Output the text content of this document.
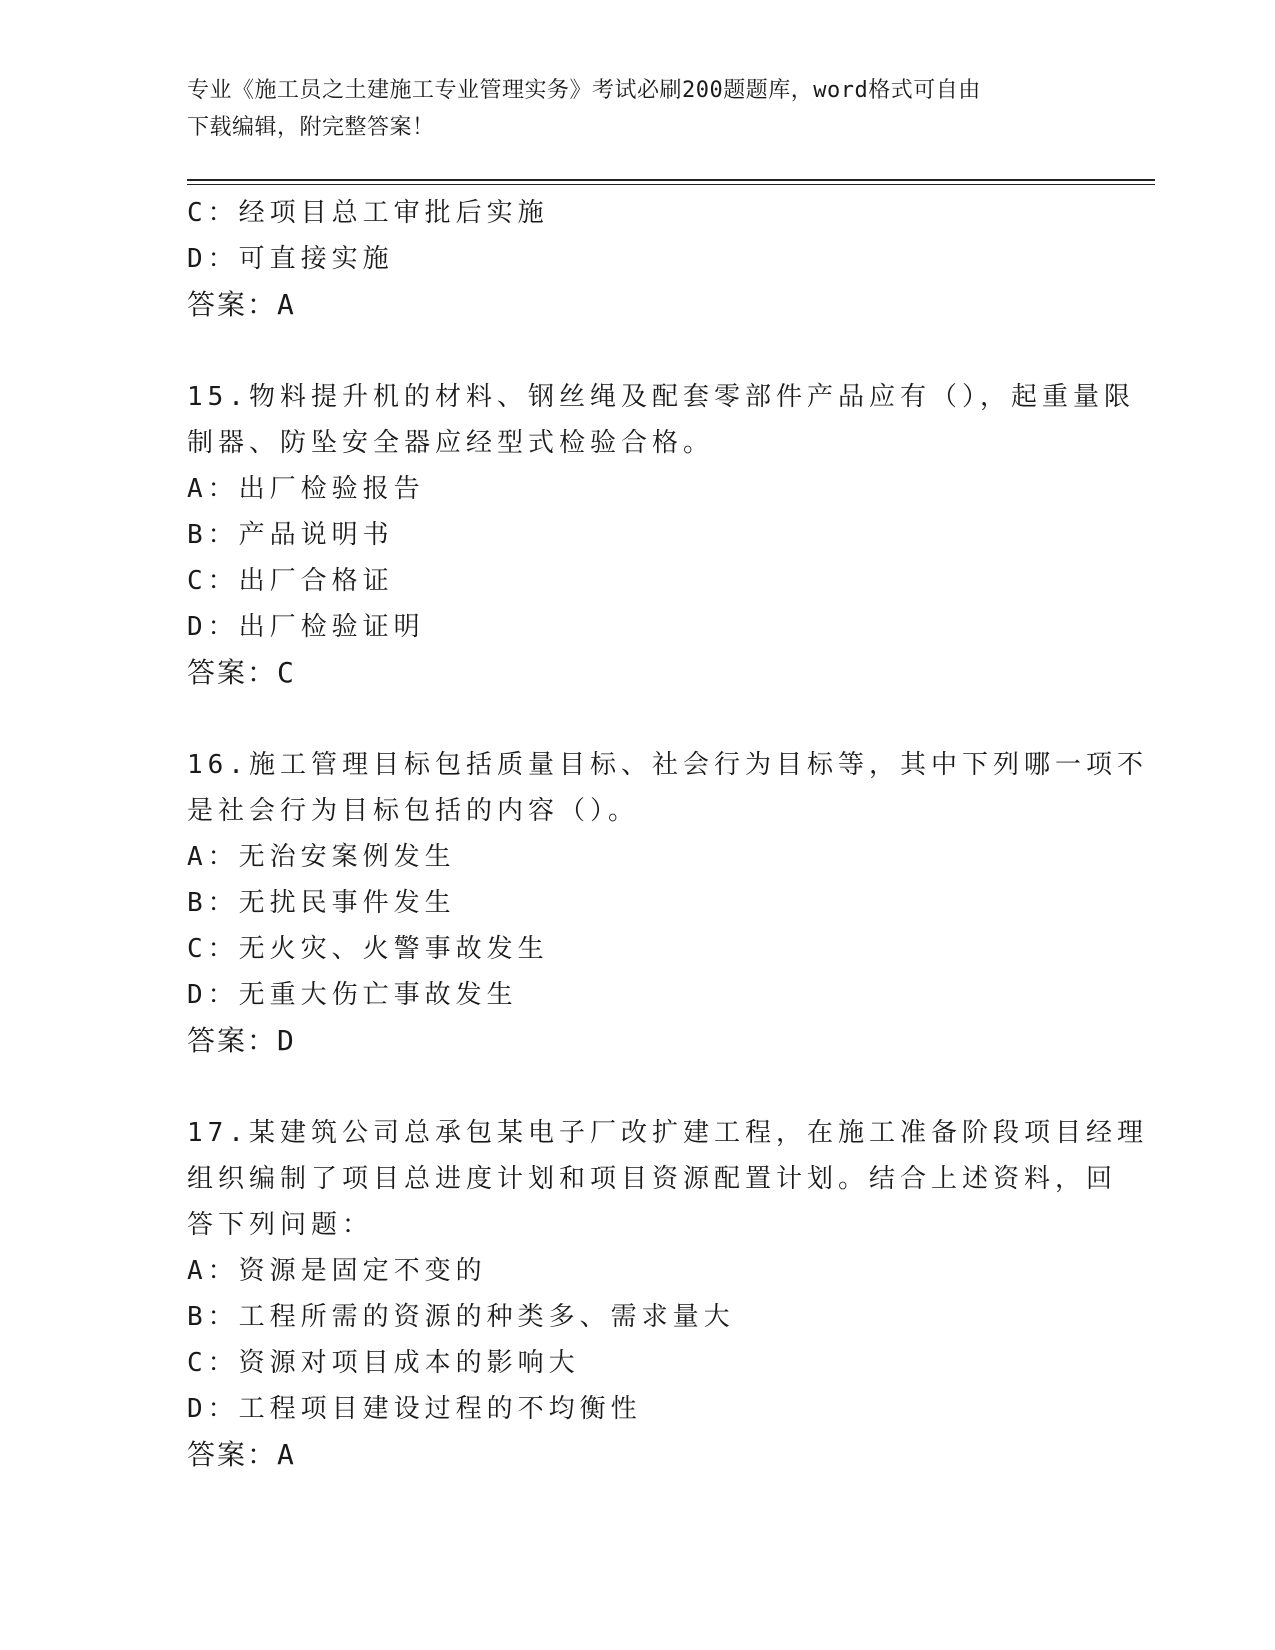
专业《施工员之土建施工专业管理实务》考试必刷200题题库，word格式可自由
下载编辑，附完整答案！
C：经项目总工审批后实施
D：可直接实施
答案：A
15.物料提升机的材料、钢丝绳及配套零部件产品应有（），起重量限
制器、防坠安全器应经型式检验合格。
A：出厂检验报告
B：产品说明书
C：出厂合格证
D：出厂检验证明
答案：C
16.施工管理目标包括质量目标、社会行为目标等，其中下列哪一项不
是社会行为目标包括的内容（）。
A：无治安案例发生
B：无扰民事件发生
C：无火灾、火警事故发生
D：无重大伤亡事故发生
答案：D
17.某建筑公司总承包某电子厂改扩建工程，在施工准备阶段项目经理
组织编制了项目总进度计划和项目资源配置计划。结合上述资料，回
答下列问题：
A：资源是固定不变的
B：工程所需的资源的种类多、需求量大
C：资源对项目成本的影响大
D：工程项目建设过程的不均衡性
答案：A
